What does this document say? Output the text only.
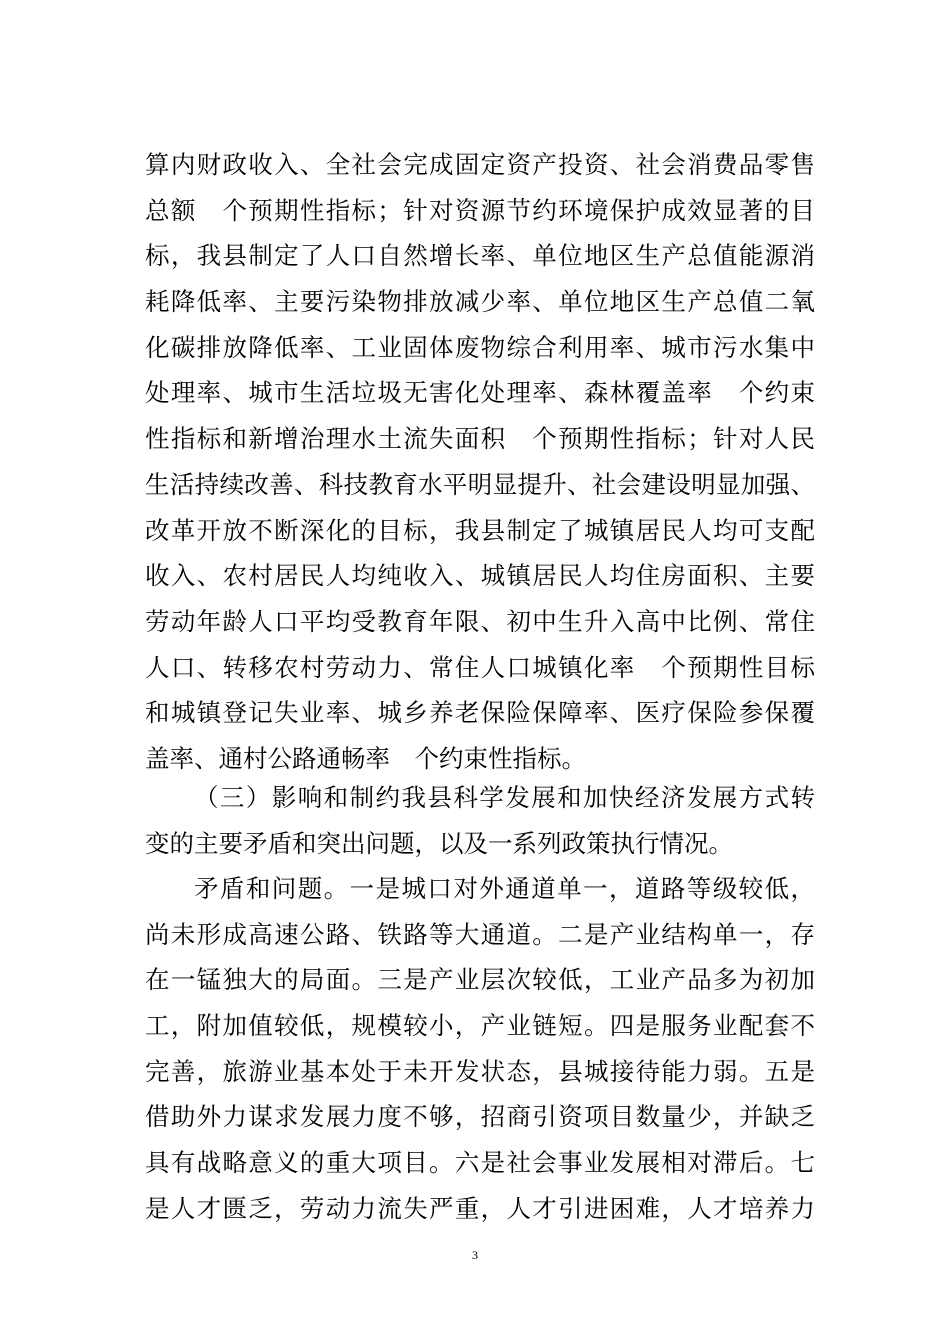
算内财政收入、全社会完成固定资产投资、社会消费品零售
总额　个预期性指标；针对资源节约环境保护成效显著的目
标，我县制定了人口自然增长率、单位地区生产总值能源消
耗降低率、主要污染物排放减少率、单位地区生产总值二氧
化碳排放降低率、工业固体废物综合利用率、城市污水集中
处理率、城市生活垃圾无害化处理率、森林覆盖率　个约束
性指标和新增治理水土流失面积　个预期性指标；针对人民
生活持续改善、科技教育水平明显提升、社会建设明显加强、
改革开放不断深化的目标，我县制定了城镇居民人均可支配
收入、农村居民人均纯收入、城镇居民人均住房面积、主要
劳动年龄人口平均受教育年限、初中生升入高中比例、常住
人口、转移农村劳动力、常住人口城镇化率　个预期性目标
和城镇登记失业率、城乡养老保险保障率、医疗保险参保覆
盖率、通村公路通畅率　个约束性指标。
（三）影响和制约我县科学发展和加快经济发展方式转
变的主要矛盾和突出问题，以及一系列政策执行情况。
矛盾和问题。一是城口对外通道单一，道路等级较低，
尚未形成高速公路、铁路等大通道。二是产业结构单一，存
在一锰独大的局面。三是产业层次较低，工业产品多为初加
工，附加值较低，规模较小，产业链短。四是服务业配套不
完善，旅游业基本处于未开发状态，县城接待能力弱。五是
借助外力谋求发展力度不够，招商引资项目数量少，并缺乏
具有战略意义的重大项目。六是社会事业发展相对滞后。七
是人才匮乏，劳动力流失严重，人才引进困难，人才培养力
3
